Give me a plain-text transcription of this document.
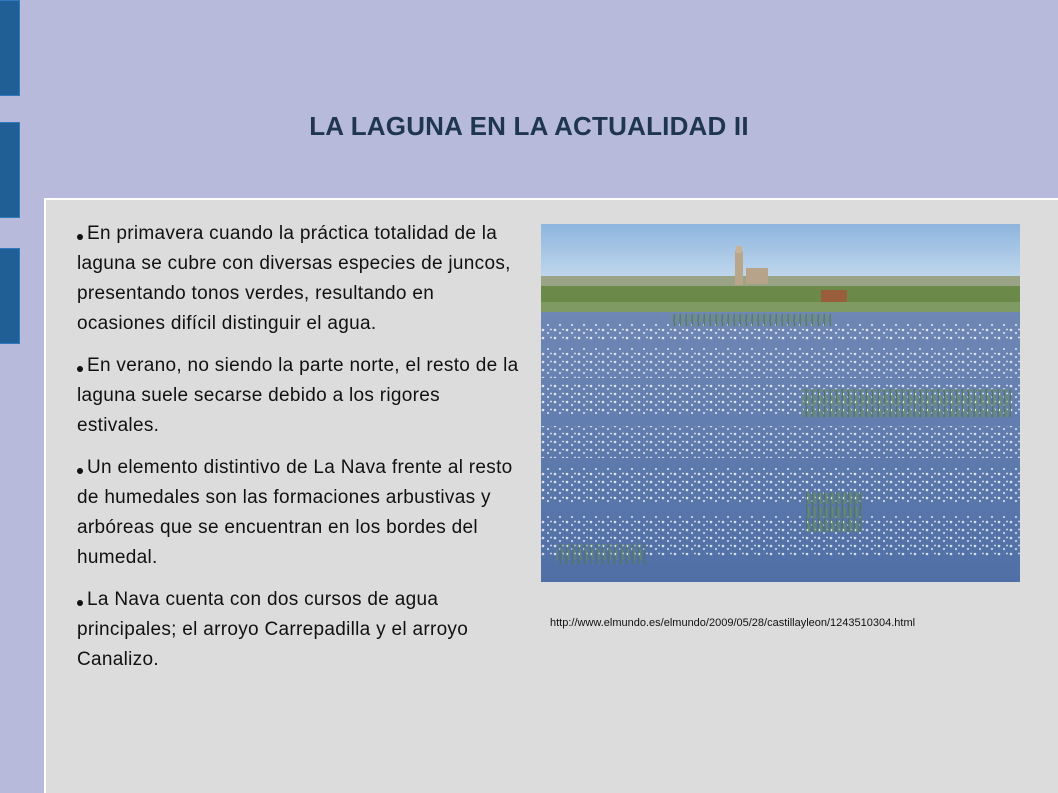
LA LAGUNA EN LA ACTUALIDAD II
En primavera cuando la práctica totalidad de la laguna se cubre con diversas especies de juncos, presentando tonos verdes, resultando en ocasiones difícil distinguir el agua.
En verano, no siendo la parte norte, el resto de la laguna suele secarse debido a los rigores estivales.
Un elemento distintivo de La Nava frente al resto de humedales son las formaciones arbustivas y arbóreas que se encuentran en los bordes del humedal.
La Nava cuenta con dos cursos de agua principales; el arroyo Carrepadilla y el arroyo Canalizo.
http://www.elmundo.es/elmundo/2009/05/28/castillayleon/1243510304.html
